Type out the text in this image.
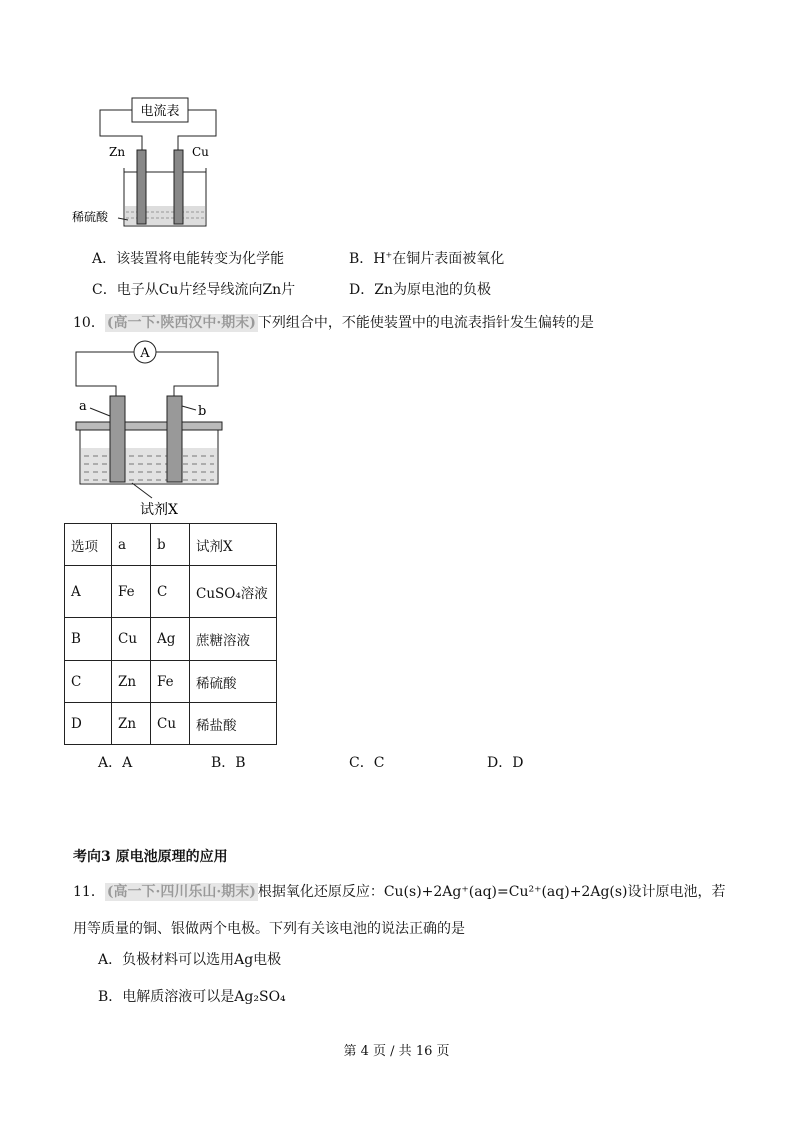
电流表
Zn	Cu
稀硫酸
A．该装置将电能转变为化学能	B．H+在铜片表面被氧化
C．电子从Cu片经导线流向Zn片	D．Zn为原电池的负极
10． (高一下·陕西汉中·期末) 下列组合中，不能使装置中的电流表指针发生偏转的是
A
a	b
试剂X
选项	a	b	试剂X
A	Fe	C	CuSO₄溶液
B	Cu	Ag	蔗糖溶液
C	Zn	Fe	稀硫酸
D	Zn	Cu	稀盐酸
A．A	B．B	C．C	D．D
考向3 原电池原理的应用
11． (高一下·四川乐山·期末) 根据氧化还原反应：Cu(s)+2Ag⁺(aq)=Cu²⁺(aq)+2Ag(s)设计原电池，若
用等质量的铜、银做两个电极。下列有关该电池的说法正确的是
A．负极材料可以选用Ag电极
B．电解质溶液可以是Ag₂SO₄
第 4 页 / 共 16 页
